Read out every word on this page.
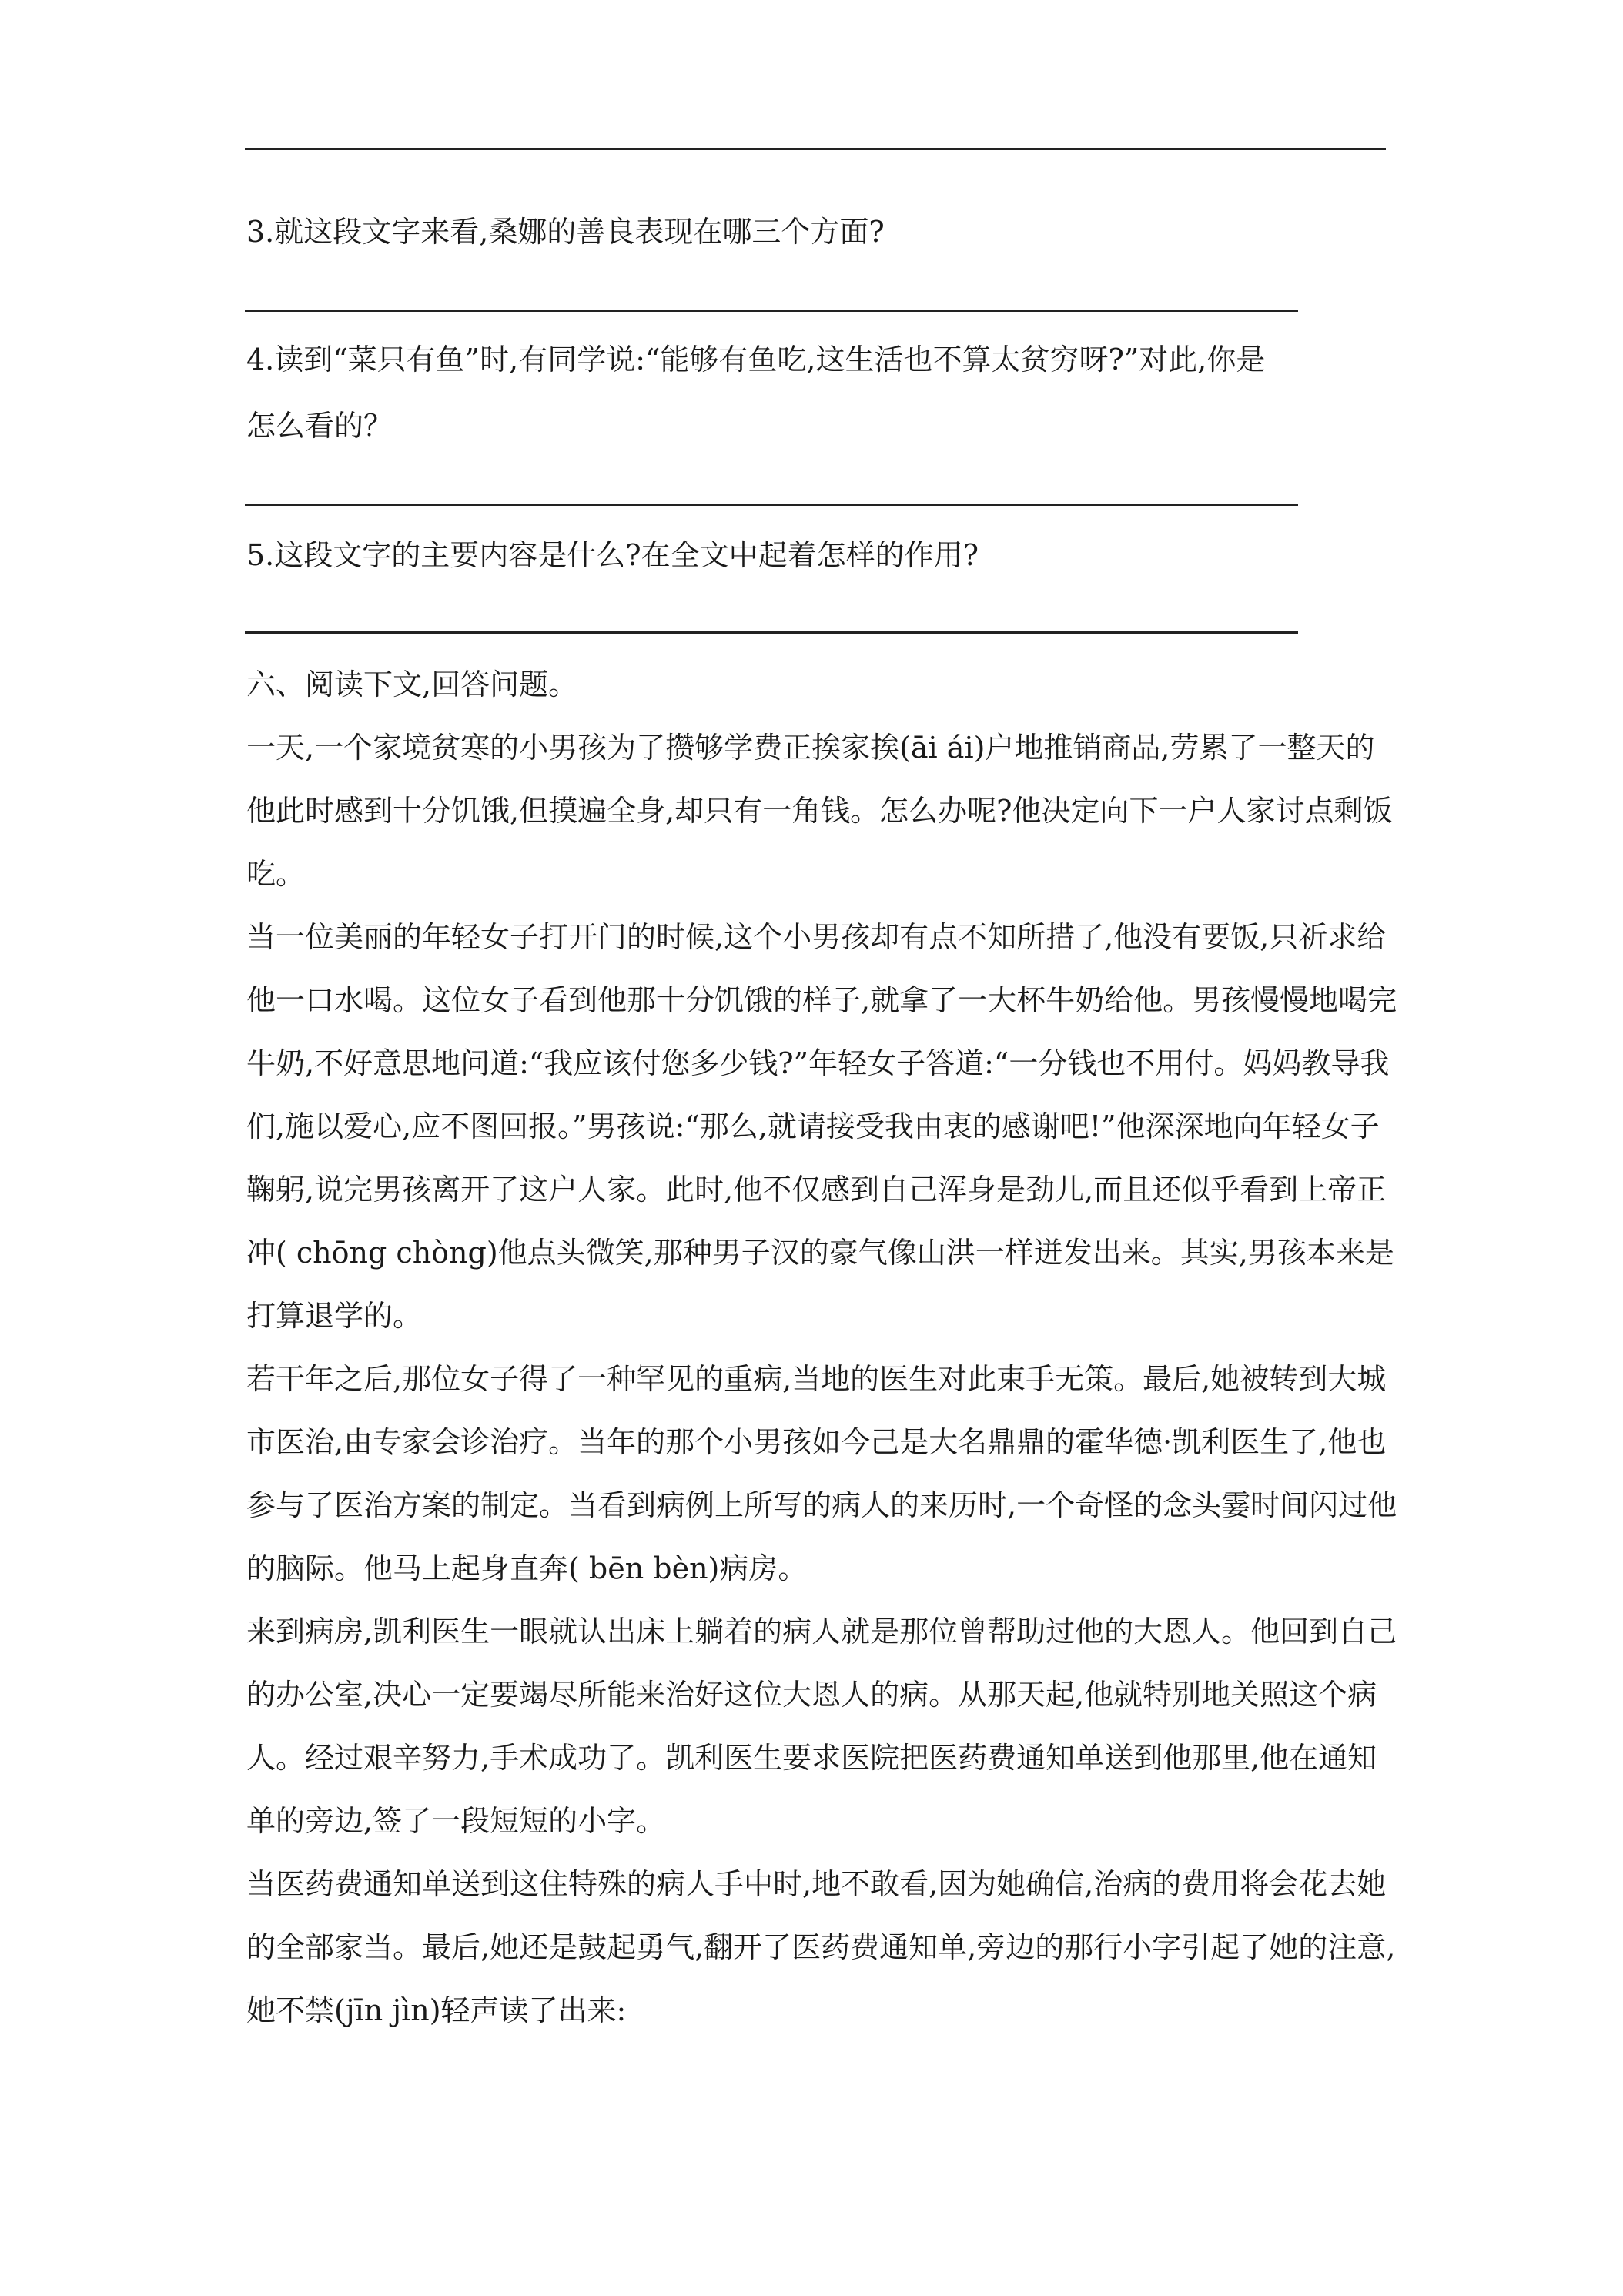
3.就这段文字来看,桑娜的善良表现在哪三个方面?
4.读到“菜只有鱼”时,有同学说:“能够有鱼吃,这生活也不算太贫穷呀?”对此,你是
怎么看的？
5.这段文字的主要内容是什么?在全文中起着怎样的作用?
六、阅读下文,回答问题。

一天,一个家境贫寒的小男孩为了攒够学费正挨家挨(āi ái)户地推销商品,劳累了一整天的他此时感到十分饥饿,但摸遍全身,却只有一角钱。怎么办呢?他决定向下一户人家讨点剩饭吃。

当一位美丽的年轻女子打开门的时候,这个小男孩却有点不知所措了,他没有要饭,只祈求给他一口水喝。这位女子看到他那十分饥饿的样子,就拿了一大杯牛奶给他。男孩慢慢地喝完牛奶,不好意思地问道:“我应该付您多少钱?”年轻女子答道:“一分钱也不用付。妈妈教导我们,施以爱心,应不图回报。”男孩说:“那么,就请接受我由衷的感谢吧!”他深深地向年轻女子鞠躬,说完男孩离开了这户人家。此时,他不仅感到自己浑身是劲儿,而且还似乎看到上帝正冲( chōng chòng)他点头微笑,那种男子汉的豪气像山洪一样迸发出来。其实,男孩本来是打算退学的。

若干年之后,那位女子得了一种罕见的重病,当地的医生对此束手无策。最后,她被转到大城市医治,由专家会诊治疗。当年的那个小男孩如今己是大名鼎鼎的霍华德·凯利医生了,他也参与了医治方案的制定。当看到病例上所写的病人的来历时,一个奇怪的念头霎时间闪过他的脑际。他马上起身直奔( bēn bèn)病房。

来到病房,凯利医生一眼就认出床上躺着的病人就是那位曾帮助过他的大恩人。他回到自己的办公室,决心一定要竭尽所能来治好这位大恩人的病。从那天起,他就特别地关照这个病人。经过艰辛努力,手术成功了。凯利医生要求医院把医药费通知单送到他那里,他在通知单的旁边,签了一段短短的小字。

当医药费通知单送到这住特殊的病人手中时,地不敢看,因为她确信,治病的费用将会花去她的全部家当。最后,她还是鼓起勇气,翻开了医药费通知单,旁边的那行小字引起了她的注意,她不禁(jīn jìn)轻声读了出来:
